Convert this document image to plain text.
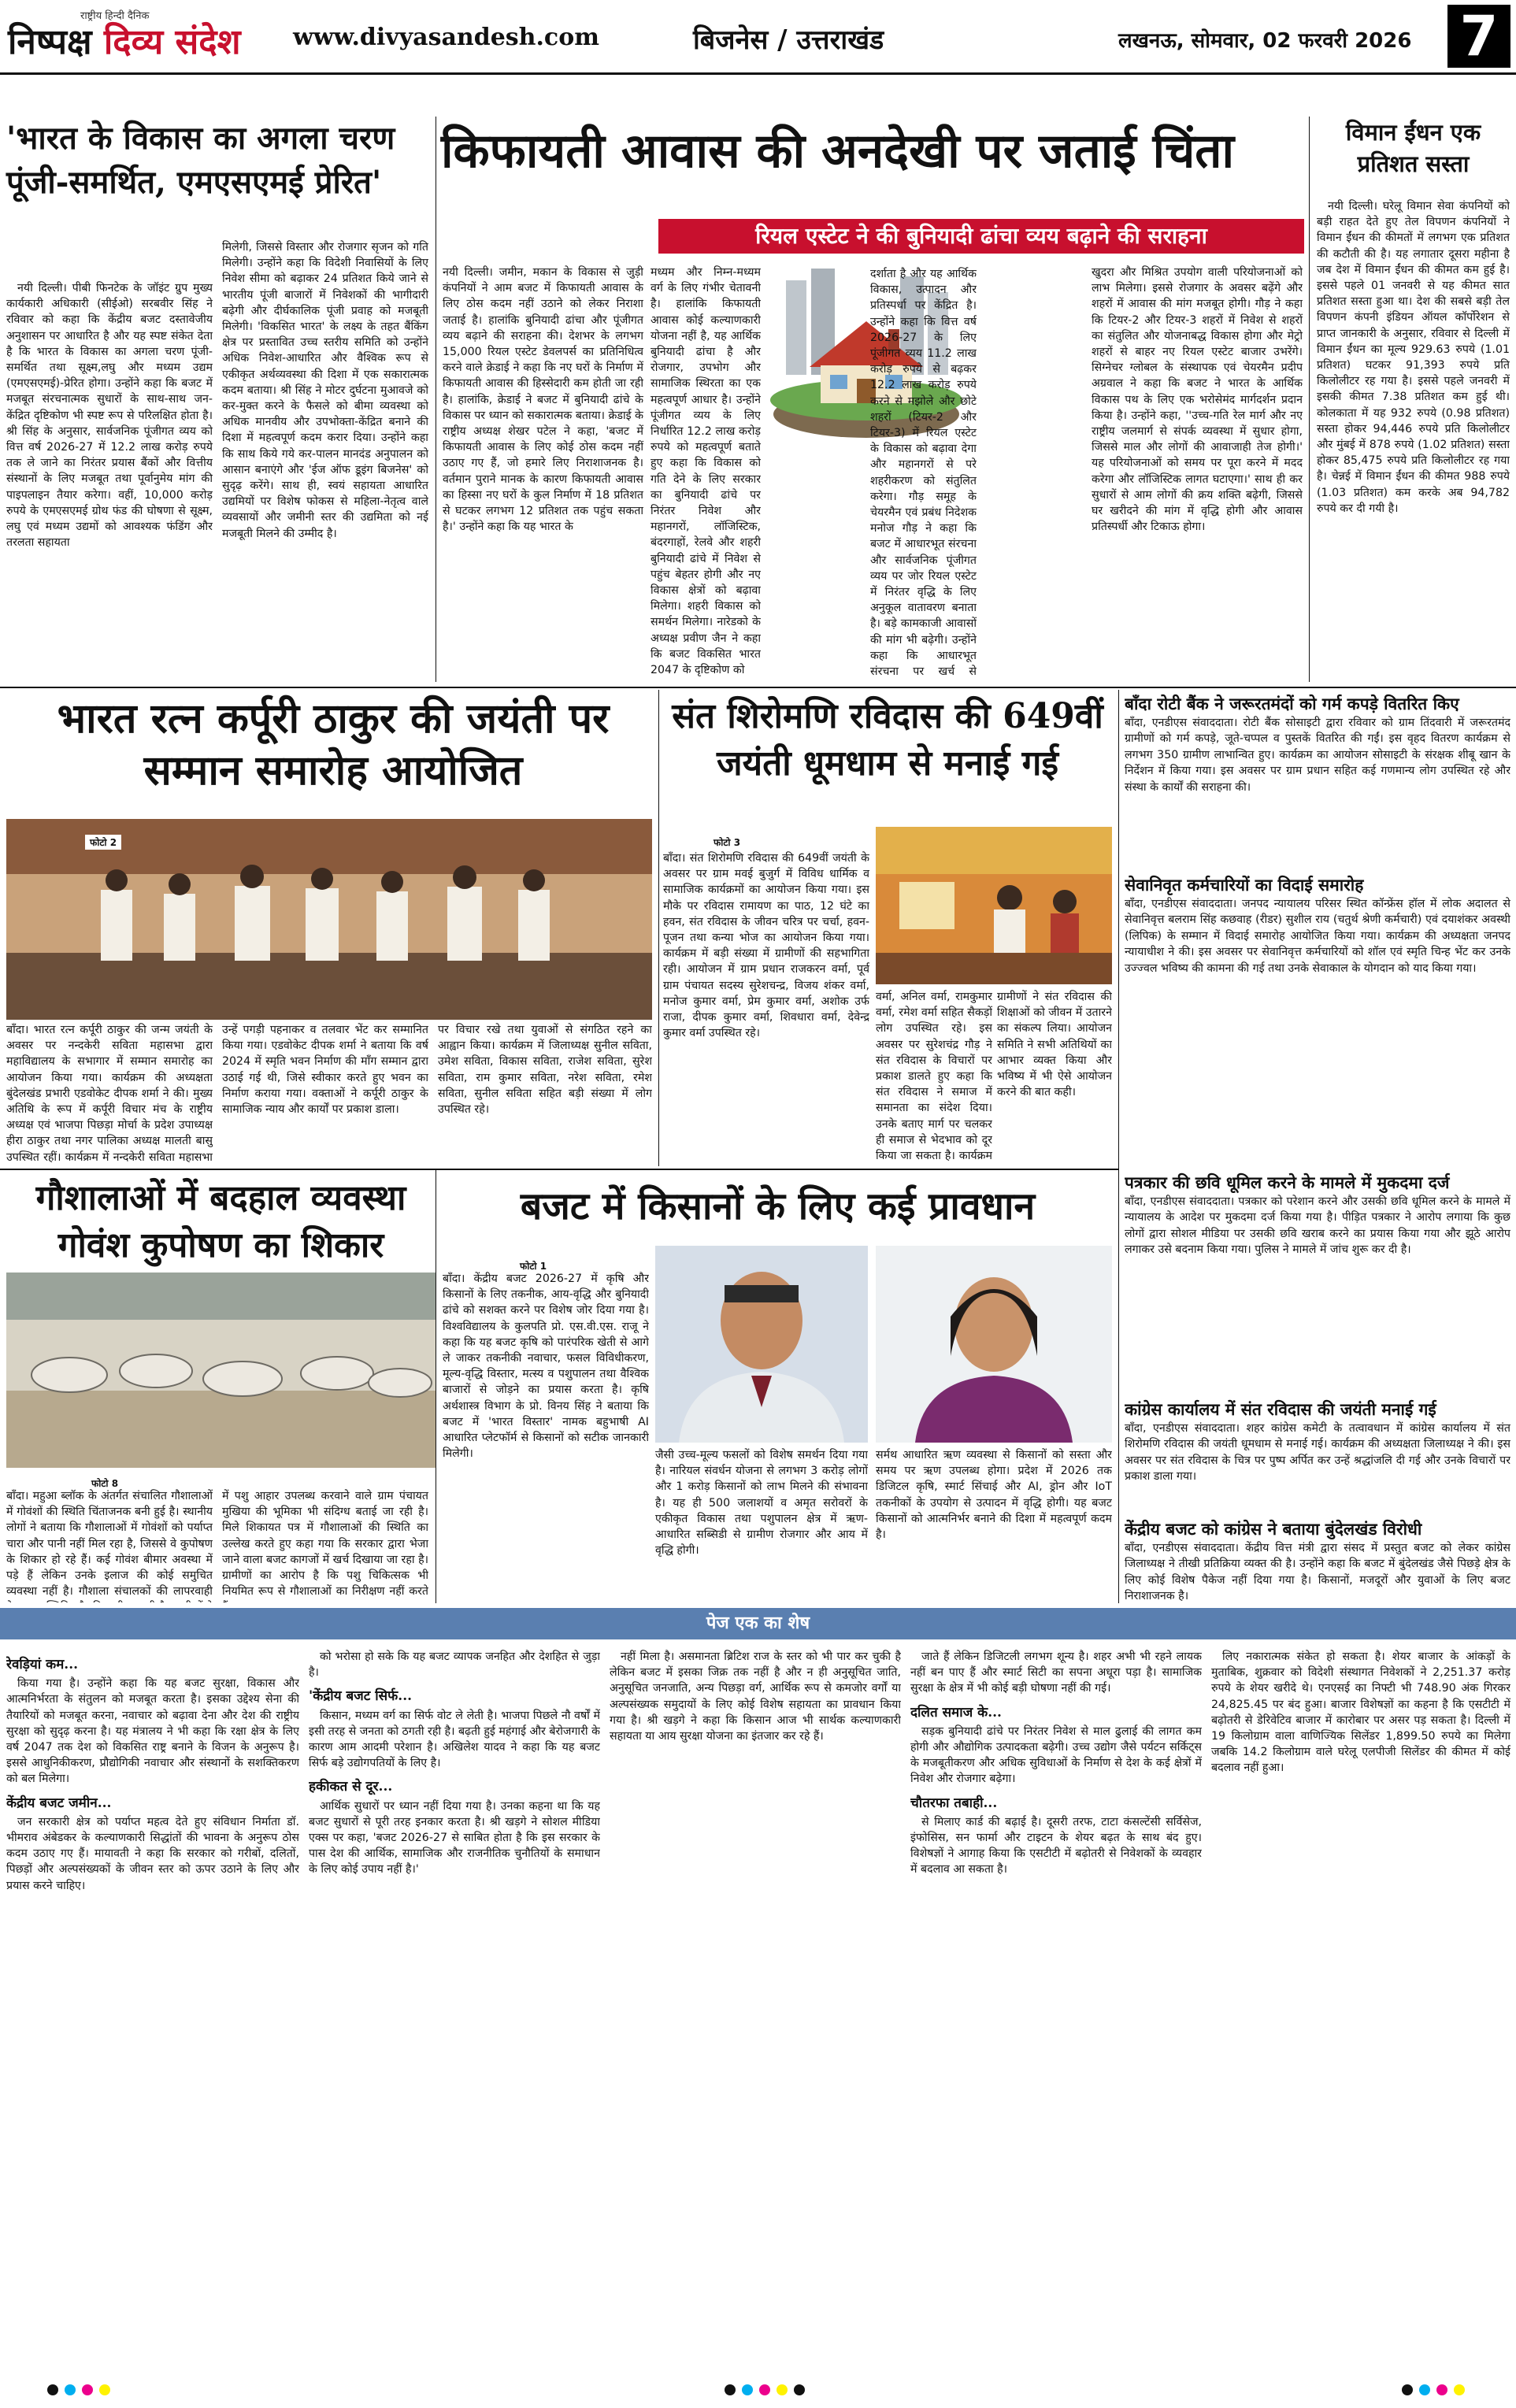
राष्ट्रीय हिन्दी दैनिक
निष्पक्ष दिव्य संदेश www.divyasandesh.com	बिजनेस / उत्तराखंड	लखनऊ, सोमवार, 02 फरवरी 2026 7
'भारत के विकास का अगला चरण पूंजी-समर्थित, एमएसएमई प्रेरित'
नयी दिल्ली। पीबी फिनटेक के जॉइंट ग्रुप मुख्य कार्यकारी अधिकारी (सीईओ) सरबवीर सिंह ने रविवार को कहा कि केंद्रीय बजट दस्तावेजीय अनुशासन पर आधारित है और यह स्पष्ट संकेत देता है कि भारत के विकास का अगला चरण पूंजी-समर्थित तथा सूक्ष्म,लघु और मध्यम उद्यम (एमएसएमई)-प्रेरित होगा। उन्होंने कहा कि बजट में मजबूत संरचनात्मक सुधारों के साथ-साथ जन-केंद्रित दृष्टिकोण भी स्पष्ट रूप से परिलक्षित होता है। श्री सिंह के अनुसार, सार्वजनिक पूंजीगत व्यय को वित्त वर्ष 2026-27 में 12.2 लाख करोड़ रुपये तक ले जाने का निरंतर प्रयास बैंकों और वित्तीय संस्थानों के लिए मजबूत तथा पूर्वानुमेय मांग की पाइपलाइन तैयार करेगा। वहीं, 10,000 करोड़ रुपये के एमएसएमई ग्रोथ फंड की घोषणा से सूक्ष्म, लघु एवं मध्यम उद्यमों को आवश्यक फंडिंग और तरलता सहायता
मिलेगी, जिससे विस्तार और रोजगार सृजन को गति मिलेगी। उन्होंने कहा कि विदेशी निवासियों के लिए निवेश सीमा को बढ़ाकर 24 प्रतिशत किये जाने से भारतीय पूंजी बाजारों में निवेशकों की भागीदारी बढ़ेगी और दीर्घकालिक पूंजी प्रवाह को मजबूती मिलेगी। 'विकसित भारत' के लक्ष्य के तहत बैंकिंग क्षेत्र पर प्रस्तावित उच्च स्तरीय समिति को उन्होंने अधिक निवेश-आधारित और वैश्विक रूप से एकीकृत अर्थव्यवस्था की दिशा में एक सकारात्मक कदम बताया। श्री सिंह ने मोटर दुर्घटना मुआवजे को कर-मुक्त करने के फैसले को बीमा व्यवस्था को अधिक मानवीय और उपभोक्ता-केंद्रित बनाने की दिशा में महत्वपूर्ण कदम करार दिया। उन्होंने कहा कि साथ किये गये कर-पालन मानदंड अनुपालन को आसान बनाएंगे और 'ईज ऑफ डूइंग बिजनेस' को सुदृढ़ करेंगे। साथ ही, स्वयं सहायता आधारित उद्यमियों पर विशेष फोकस से महिला-नेतृत्व वाले व्यवसायों और जमीनी स्तर की उद्यमिता को नई मजबूती मिलने की उम्मीद है।
किफायती आवास की अनदेखी पर जताई चिंता
रियल एस्टेट ने की बुनियादी ढांचा व्यय बढ़ाने की सराहना
नयी दिल्ली। जमीन, मकान के विकास से जुड़ी कंपनियों ने आम बजट में किफायती आवास के लिए ठोस कदम नहीं उठाने को लेकर निराशा जताई है। हालांकि बुनियादी ढांचा और पूंजीगत व्यय बढ़ाने की सराहना की। देशभर के लगभग 15,000 रियल एस्टेट डेवलपर्स का प्रतिनिधित्व करने वाले क्रेडाई ने कहा कि नए घरों के निर्माण में किफायती आवास की हिस्सेदारी कम होती जा रही है। हालांकि, क्रेडाई ने बजट में बुनियादी ढांचे के विकास पर ध्यान को सकारात्मक बताया। क्रेडाई के राष्ट्रीय अध्यक्ष शेखर पटेल ने कहा, 'बजट में किफायती आवास के लिए कोई ठोस कदम नहीं उठाए गए हैं, जो हमारे लिए निराशाजनक है। वर्तमान पुराने मानक के कारण किफायती आवास का हिस्सा नए घरों के कुल निर्माण में 18 प्रतिशत से घटकर लगभग 12 प्रतिशत तक पहुंच सकता है।' उन्होंने कहा कि यह भारत के
मध्यम और निम्न-मध्यम वर्ग के लिए गंभीर चेतावनी है। हालांकि किफायती आवास कोई कल्याणकारी योजना नहीं है, यह आर्थिक बुनियादी ढांचा है और रोजगार, उपभोग और सामाजिक स्थिरता का एक महत्वपूर्ण आधार है। उन्होंने पूंजीगत व्यय के लिए निर्धारित 12.2 लाख करोड़ रुपये को महत्वपूर्ण बताते हुए कहा कि विकास को गति देने के लिए सरकार का बुनियादी ढांचे पर निरंतर निवेश और महानगरों, लॉजिस्टिक, बंदरगाहों, रेलवे और शहरी बुनियादी ढांचे में निवेश से पहुंच बेहतर होगी और नए विकास क्षेत्रों को बढ़ावा मिलेगा। शहरी विकास को समर्थन मिलेगा। नारेडको के अध्यक्ष प्रवीण जैन ने कहा कि बजट विकसित भारत 2047 के दृष्टिकोण को
दर्शाता है और यह आर्थिक विकास, उत्पादन और प्रतिस्पर्धा पर केंद्रित है। उन्होंने कहा कि वित्त वर्ष 2026-27 के लिए पूंजीगत व्यय 11.2 लाख करोड़ रुपये से बढ़कर 12.2 लाख करोड़ रुपये करने से मझोले और छोटे शहरों (टियर-2 और टियर-3) में रियल एस्टेट के विकास को बढ़ावा देगा और महानगरों से परे शहरीकरण को संतुलित करेगा। गौड़ समूह के चेयरमैन एवं प्रबंध निदेशक मनोज गौड़ ने कहा कि बजट में आधारभूत संरचना और सार्वजनिक पूंजीगत व्यय पर जोर रियल एस्टेट में निरंतर वृद्धि के लिए अनुकूल वातावरण बनाता है। बड़े कामकाजी आवासों की मांग भी बढ़ेगी। उन्होंने कहा कि आधारभूत संरचना पर खर्च से
खुदरा और मिश्रित उपयोग वाली परियोजनाओं को लाभ मिलेगा। इससे रोजगार के अवसर बढ़ेंगे और शहरों में आवास की मांग मजबूत होगी। गौड़ ने कहा कि टियर-2 और टियर-3 शहरों में निवेश से शहरों का संतुलित और योजनाबद्ध विकास होगा और मेट्रो शहरों से बाहर नए रियल एस्टेट बाजार उभरेंगे। सिग्नेचर ग्लोबल के संस्थापक एवं चेयरमैन प्रदीप अग्रवाल ने कहा कि बजट ने भारत के आर्थिक विकास पथ के लिए एक भरोसेमंद मार्गदर्शन प्रदान किया है। उन्होंने कहा, ''उच्च-गति रेल मार्ग और नए राष्ट्रीय जलमार्ग से संपर्क व्यवस्था में सुधार होगा, जिससे माल और लोगों की आवाजाही तेज होगी।' यह परियोजनाओं को समय पर पूरा करने में मदद करेगा और लॉजिस्टिक लागत घटाएगा।' साथ ही कर सुधारों से आम लोगों की क्रय शक्ति बढ़ेगी, जिससे घर खरीदने की मांग में वृद्धि होगी और आवास प्रतिस्पर्धी और टिकाऊ होगा।
विमान ईंधन एक प्रतिशत सस्ता
नयी दिल्ली। घरेलू विमान सेवा कंपनियों को बड़ी राहत देते हुए तेल विपणन कंपनियों ने विमान ईंधन की कीमतों में लगभग एक प्रतिशत की कटौती की है। यह लगातार दूसरा महीना है जब देश में विमान ईंधन की कीमत कम हुई है। इससे पहले 01 जनवरी से यह कीमत सात प्रतिशत सस्ता हुआ था। देश की सबसे बड़ी तेल विपणन कंपनी इंडियन ऑयल कॉर्पोरेशन से प्राप्त जानकारी के अनुसार, रविवार से दिल्ली में विमान ईंधन का मूल्य 929.63 रुपये (1.01 प्रतिशत) घटकर 91,393 रुपये प्रति किलोलीटर रह गया है। इससे पहले जनवरी में इसकी कीमत 7.38 प्रतिशत कम हुई थी। कोलकाता में यह 932 रुपये (0.98 प्रतिशत) सस्ता होकर 94,446 रुपये प्रति किलोलीटर और मुंबई में 878 रुपये (1.02 प्रतिशत) सस्ता होकर 85,475 रुपये प्रति किलोलीटर रह गया है। चेन्नई में विमान ईंधन की कीमत 988 रुपये (1.03 प्रतिशत) कम करके अब 94,782 रुपये कर दी गयी है।
भारत रत्न कर्पूरी ठाकुर की जयंती पर सम्मान समारोह आयोजित
फोटो 2
बाँदा। भारत रत्न कर्पूरी ठाकुर की जन्म जयंती के अवसर पर नन्दकेरी सविता महासभा द्वारा महाविद्यालय के सभागार में सम्मान समारोह का आयोजन किया गया। कार्यक्रम की अध्यक्षता बुंदेलखंड प्रभारी एडवोकेट दीपक शर्मा ने की। मुख्य अतिथि के रूप में कर्पूरी विचार मंच के राष्ट्रीय अध्यक्ष एवं भाजपा पिछड़ा मोर्चा के प्रदेश उपाध्यक्ष हीरा ठाकुर तथा नगर पालिका अध्यक्ष मालती बासु उपस्थित रहीं। कार्यक्रम में नन्दकेरी सविता महासभा
उन्हें पगड़ी पहनाकर व तलवार भेंट कर सम्मानित किया गया। एडवोकेट दीपक शर्मा ने बताया कि वर्ष 2024 में स्मृति भवन निर्माण की माँग सम्मान द्वारा उठाई गई थी, जिसे स्वीकार करते हुए भवन का निर्माण कराया गया। वक्ताओं ने कर्पूरी ठाकुर के सामाजिक न्याय और कार्यों पर प्रकाश डाला।
पर विचार रखे तथा युवाओं से संगठित रहने का आह्वान किया। कार्यक्रम में जिलाध्यक्ष सुनील सविता, उमेश सविता, विकास सविता, राजेश सविता, सुरेश सविता, राम कुमार सविता, नरेश सविता, रमेश सविता, सुनील सविता सहित बड़ी संख्या में लोग उपस्थित रहे।
संत शिरोमणि रविदास की 649वीं जयंती धूमधाम से मनाई गई
फोटो 3
बाँदा। संत शिरोमणि रविदास की 649वीं जयंती के अवसर पर ग्राम मवई बुजुर्ग में विविध धार्मिक व सामाजिक कार्यक्रमों का आयोजन किया गया। इस मौके पर रविदास रामायण का पाठ, 12 घंटे का हवन, संत रविदास के जीवन चरित्र पर चर्चा, हवन-पूजन तथा कन्या भोज का आयोजन किया गया। कार्यक्रम में बड़ी संख्या में ग्रामीणों की सहभागिता रही। आयोजन में ग्राम प्रधान राजकरन वर्मा, पूर्व ग्राम पंचायत सदस्य सुरेशचन्द्र, विजय शंकर वर्मा, मनोज कुमार वर्मा, प्रेम कुमार वर्मा, अशोक उर्फ राजा, दीपक कुमार वर्मा, शिवधारा वर्मा, देवेन्द्र कुमार वर्मा उपस्थित रहे।
वर्मा, अनिल वर्मा, रामकुमार वर्मा, रमेश वर्मा सहित सैकड़ों लोग उपस्थित रहे। इस अवसर पर सुरेशचंद्र गौड़ ने संत रविदास के विचारों पर प्रकाश डालते हुए कहा कि संत रविदास ने समाज में समानता का संदेश दिया। उनके बताए मार्ग पर चलकर ही समाज से भेदभाव को दूर किया जा सकता है। कार्यक्रम
ग्रामीणों ने संत रविदास की शिक्षाओं को जीवन में उतारने का संकल्प लिया। आयोजन समिति ने सभी अतिथियों का आभार व्यक्त किया और भविष्य में भी ऐसे आयोजन करने की बात कही।
गौशालाओं में बदहाल व्यवस्था गोवंश कुपोषण का शिकार
फोटो 8
बाँदा। महुआ ब्लॉक के अंतर्गत संचालित गौशालाओं में गोवंशों की स्थिति चिंताजनक बनी हुई है। स्थानीय लोगों ने बताया कि गौशालाओं में गोवंशों को पर्याप्त चारा और पानी नहीं मिल रहा है, जिससे वे कुपोषण के शिकार हो रहे हैं। कई गोवंश बीमार अवस्था में पड़े हैं लेकिन उनके इलाज की कोई समुचित व्यवस्था नहीं है। गौशाला संचालकों की लापरवाही
में पशु आहार उपलब्ध करवाने वाले ग्राम पंचायत मुखिया की भूमिका भी संदिग्ध बताई जा रही है। मिले शिकायत पत्र में गौशालाओं की स्थिति का उल्लेख करते हुए कहा गया कि सरकार द्वारा भेजा जाने वाला बजट कागजों में खर्च दिखाया जा रहा है। ग्रामीणों का आरोप है कि पशु चिकित्सक भी नियमित रूप से गौशालाओं का निरीक्षण नहीं करते
बजट में किसानों के लिए कई प्रावधान
फोटो 1
बाँदा। केंद्रीय बजट 2026-27 में कृषि और किसानों के लिए तकनीक, आय-वृद्धि और बुनियादी ढांचे को सशक्त करने पर विशेष जोर दिया गया है। विश्वविद्यालय के कुलपति प्रो. एस.वी.एस. राजू ने कहा कि यह बजट कृषि को पारंपरिक खेती से आगे ले जाकर तकनीकी नवाचार, फसल विविधीकरण, मूल्य-वृद्धि विस्तार, मत्स्य व पशुपालन तथा वैश्विक बाजारों से जोड़ने का प्रयास करता है। कृषि अर्थशास्त्र विभाग के प्रो. विनय सिंह ने बताया कि बजट में 'भारत विस्तार' नामक बहुभाषी AI आधारित प्लेटफॉर्म से किसानों को सटीक जानकारी मिलेगी।	जैसी उच्च-मूल्य फसलों को विशेष समर्थन दिया गया है। नारियल संवर्धन योजना से लगभग 3 करोड़ लोगों और 1 करोड़ किसानों को लाभ मिलने की संभावना है। यह ही 500 जलाशयों व अमृत सरोवरों के एकीकृत विकास तथा पशुपालन क्षेत्र में ऋण-आधारित सब्सिडी से ग्रामीण रोजगार और आय में वृद्धि होगी।
सर्मथ आधारित ऋण व्यवस्था से किसानों को सस्ता और समय पर ऋण उपलब्ध होगा। प्रदेश में 2026 तक डिजिटल कृषि, स्मार्ट सिंचाई और AI, ड्रोन और IoT तकनीकों के उपयोग से उत्पादन में वृद्धि होगी। यह बजट किसानों को आत्मनिर्भर बनाने की दिशा में महत्वपूर्ण कदम है।
बाँदा रोटी बैंक ने जरूरतमंदों को गर्म कपड़े वितरित किए

बाँदा, एनडीएस संवाददाता। रोटी बैंक सोसाइटी द्वारा रविवार को ग्राम तिंदवारी में जरूरतमंद ग्रामीणों को गर्म कपड़े, जूते-चप्पल व पुस्तकें वितरित की गईं। इस वृहद वितरण कार्यक्रम से लगभग 350 ग्रामीण लाभान्वित हुए। कार्यक्रम का आयोजन सोसाइटी के संरक्षक शीबू खान के निर्देशन में किया गया। इस अवसर पर ग्राम प्रधान सहित कई गणमान्य लोग उपस्थित रहे और संस्था के कार्यों की सराहना की।

सेवानिवृत कर्मचारियों का विदाई समारोह

बाँदा, एनडीएस संवाददाता। जनपद न्यायालय परिसर स्थित कॉन्फ्रेंस हॉल में लोक अदालत से सेवानिवृत्त बलराम सिंह कछवाह (रीडर) सुशील राय (चतुर्थ श्रेणी कर्मचारी) एवं दयाशंकर अवस्थी (लिपिक) के सम्मान में विदाई समारोह आयोजित किया गया। कार्यक्रम की अध्यक्षता जनपद न्यायाधीश ने की। इस अवसर पर सेवानिवृत्त कर्मचारियों को शॉल एवं स्मृति चिन्ह भेंट कर उनके उज्ज्वल भविष्य की कामना की गई तथा उनके सेवाकाल के योगदान को याद किया गया।

पत्रकार की छवि धूमिल करने के मामले में मुकदमा दर्ज

बाँदा, एनडीएस संवाददाता। पत्रकार को परेशान करने और उसकी छवि धूमिल करने के मामले में न्यायालय के आदेश पर मुकदमा दर्ज किया गया है। पीड़ित पत्रकार ने आरोप लगाया कि कुछ लोगों द्वारा सोशल मीडिया पर उसकी छवि खराब करने का प्रयास किया गया और झूठे आरोप लगाकर उसे बदनाम किया गया। पुलिस ने मामले में जांच शुरू कर दी है।

कांग्रेस कार्यालय में संत रविदास की जयंती मनाई गई

बाँदा, एनडीएस संवाददाता। शहर कांग्रेस कमेटी के तत्वावधान में कांग्रेस कार्यालय में संत शिरोमणि रविदास की जयंती धूमधाम से मनाई गई। कार्यक्रम की अध्यक्षता जिलाध्यक्ष ने की। इस अवसर पर संत रविदास के चित्र पर पुष्प अर्पित कर उन्हें श्रद्धांजलि दी गई और उनके विचारों पर प्रकाश डाला गया।

केंद्रीय बजट को कांग्रेस ने बताया बुंदेलखंड विरोधी

बाँदा, एनडीएस संवाददाता। केंद्रीय वित्त मंत्री द्वारा संसद में प्रस्तुत बजट को लेकर कांग्रेस जिलाध्यक्ष ने तीखी प्रतिक्रिया व्यक्त की है। उन्होंने कहा कि बजट में बुंदेलखंड जैसे पिछड़े क्षेत्र के लिए कोई विशेष पैकेज नहीं दिया गया है। किसानों, मजदूरों और युवाओं के लिए बजट निराशाजनक है।

पेज एक का शेष
रेवड़ियां कम...

किया गया है। उन्होंने कहा कि यह बजट सुरक्षा, विकास और आत्मनिर्भरता के संतुलन को मजबूत करता है। इसका उद्देश्य सेना की तैयारियों को मजबूत करना, नवाचार को बढ़ावा देना और देश की राष्ट्रीय सुरक्षा को सुदृढ़ करना है। यह मंत्रालय ने भी कहा कि रक्षा क्षेत्र के लिए वर्ष 2047 तक देश को विकसित राष्ट्र बनाने के विजन के अनुरूप है। इससे आधुनिकीकरण, प्रौद्योगिकी नवाचार और संस्थानों के सशक्तिकरण को बल मिलेगा।

केंद्रीय बजट जमीन...

जन सरकारी क्षेत्र को पर्याप्त महत्व देते हुए संविधान निर्माता डॉ. भीमराव अंबेडकर के कल्याणकारी सिद्धांतों की भावना के अनुरूप ठोस कदम उठाए गए हैं। मायावती ने कहा कि सरकार को गरीबों, दलितों, पिछड़ों और अल्पसंख्यकों के जीवन स्तर को ऊपर उठाने के लिए और प्रयास करने चाहिए।

को भरोसा हो सके कि यह बजट व्यापक जनहित और देशहित से जुड़ा है।

'केंद्रीय बजट सिर्फ...

किसान, मध्यम वर्ग का सिर्फ वोट ले लेती है। भाजपा पिछले नौ वर्षों में इसी तरह से जनता को ठगती रही है। बढ़ती हुई महंगाई और बेरोजगारी के कारण आम आदमी परेशान है। अखिलेश यादव ने कहा कि यह बजट सिर्फ बड़े उद्योगपतियों के लिए है।

हकीकत से दूर...

आर्थिक सुधारों पर ध्यान नहीं दिया गया है। उनका कहना था कि यह बजट सुधारों से पूरी तरह इनकार करता है। श्री खड़गे ने सोशल मीडिया एक्स पर कहा, 'बजट 2026-27 से साबित होता है कि इस सरकार के पास देश की आर्थिक, सामाजिक और राजनीतिक चुनौतियों के समाधान के लिए कोई उपाय नहीं है।'

नहीं मिला है। असमानता ब्रिटिश राज के स्तर को भी पार कर चुकी है लेकिन बजट में इसका जिक्र तक नहीं है और न ही अनुसूचित जाति, अनुसूचित जनजाति, अन्य पिछड़ा वर्ग, आर्थिक रूप से कमजोर वर्गों या अल्पसंख्यक समुदायों के लिए कोई विशेष सहायता का प्रावधान किया गया है। श्री खड़गे ने कहा कि किसान आज भी सार्थक कल्याणकारी सहायता या आय सुरक्षा योजना का इंतजार कर रहे हैं।

जाते हैं लेकिन डिजिटली लगभग शून्य है। शहर अभी भी रहने लायक नहीं बन पाए हैं और स्मार्ट सिटी का सपना अधूरा पड़ा है। सामाजिक सुरक्षा के क्षेत्र में भी कोई बड़ी घोषणा नहीं की गई।

दलित समाज के...

सड़क बुनियादी ढांचे पर निरंतर निवेश से माल ढुलाई की लागत कम होगी और औद्योगिक उत्पादकता बढ़ेगी। उच्च उद्योग जैसे पर्यटन सर्किट्स के मजबूतीकरण और अधिक सुविधाओं के निर्माण से देश के कई क्षेत्रों में निवेश और रोजगार बढ़ेगा।

चौतरफा तबाही...

से मिलाए कार्ड की बढ़ाई है। दूसरी तरफ, टाटा कंसल्टेंसी सर्विसेज, इंफोसिस, सन फार्मा और टाइटन के शेयर बढ़त के साथ बंद हुए। विशेषज्ञों ने आगाह किया कि एसटीटी में बढ़ोतरी से निवेशकों के व्यवहार में बदलाव आ सकता है।

लिए नकारात्मक संकेत हो सकता है। शेयर बाजार के आंकड़ों के मुताबिक, शुक्रवार को विदेशी संस्थागत निवेशकों ने 2,251.37 करोड़ रुपये के शेयर खरीदे थे। एनएसई का निफ्टी भी 748.90 अंक गिरकर 24,825.45 पर बंद हुआ। बाजार विशेषज्ञों का कहना है कि एसटीटी में बढ़ोतरी से डेरिवेटिव बाजार में कारोबार पर असर पड़ सकता है। दिल्ली में 19 किलोग्राम वाला वाणिज्यिक सिलेंडर 1,899.50 रुपये का मिलेगा जबकि 14.2 किलोग्राम वाले घरेलू एलपीजी सिलेंडर की कीमत में कोई बदलाव नहीं हुआ।
